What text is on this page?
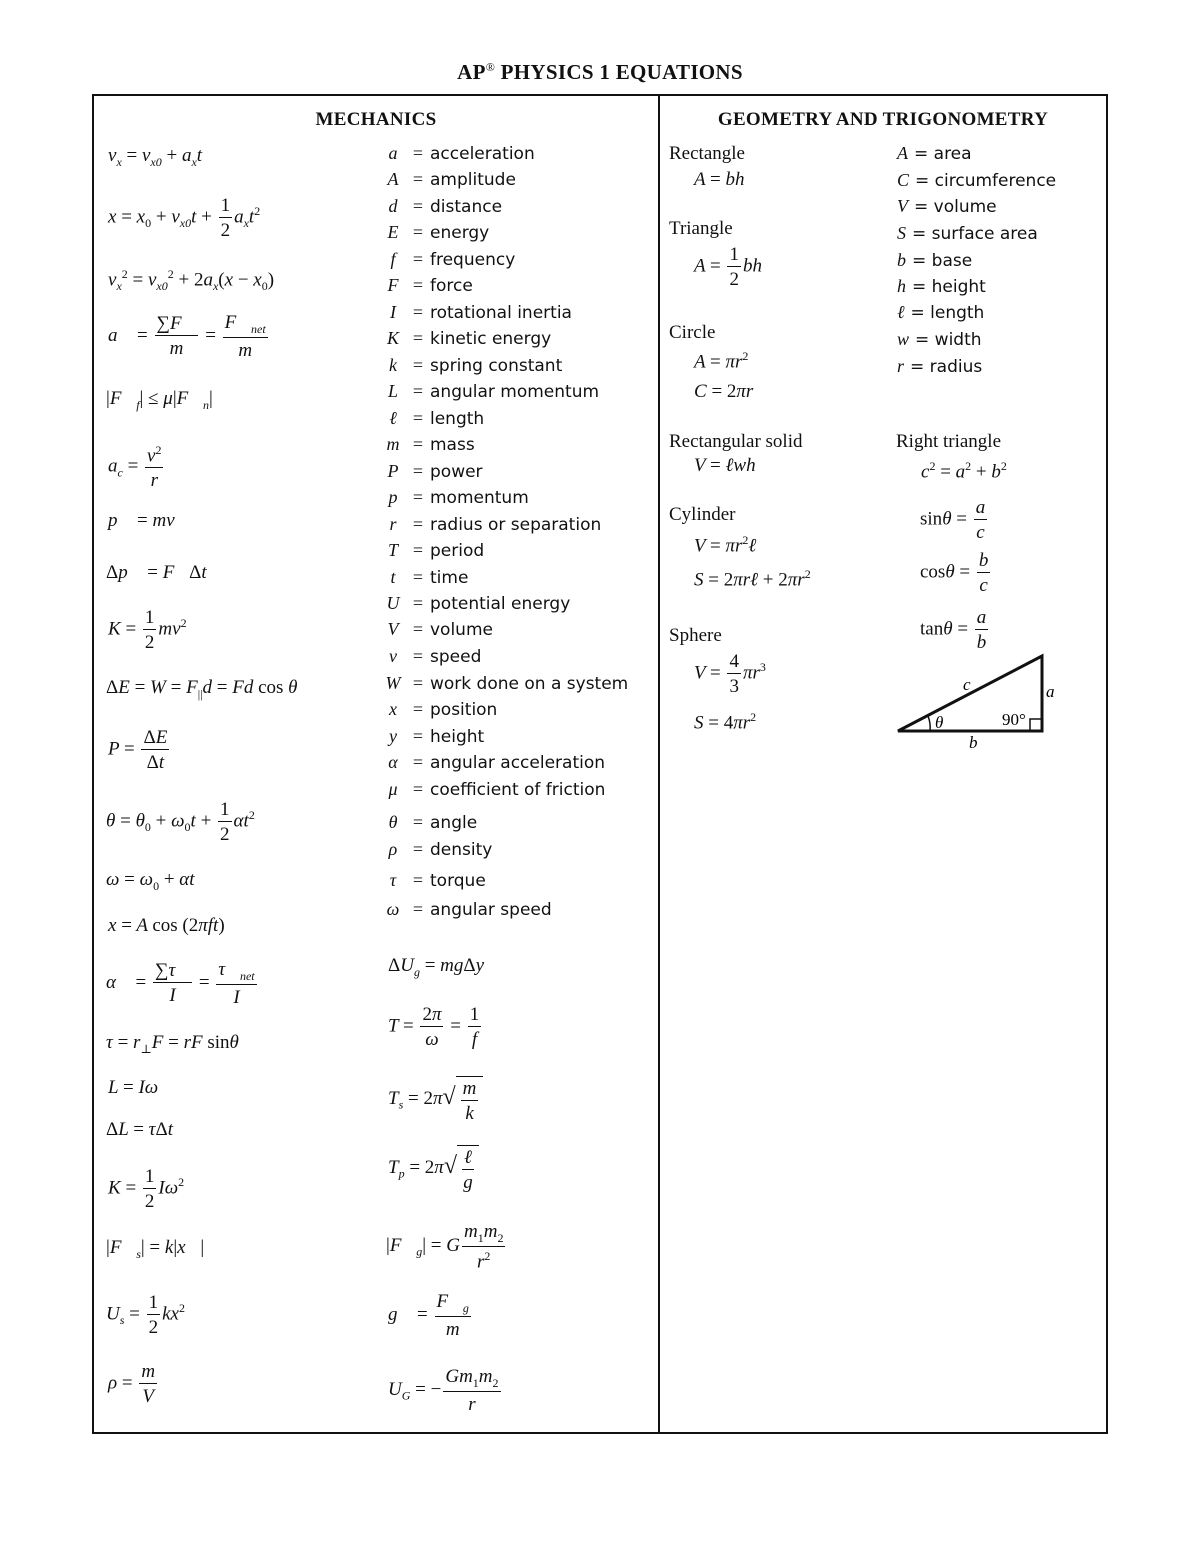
AP® PHYSICS 1 EQUATIONS
MECHANICS
$v_x = v_{x0} + a_xt$
$x = x_0 + v_{x0}t + \frac{1}{2} a_xt^2$
$v_x^2 = v_{x0}^2 + 2a_x(x - x_0)$
a⃗ = $\frac{\sum F⃗}{m} = \frac{F⃗_{net}}{m}$
$|F⃗_f|$ ≤ $\mu|F⃗_n|$
$a_c = \frac{v^2}{r}$
p⃗ = mv⃗
Δp⃗ = F⃗Δt
$K = \frac{1}{2} mv^2$
$\Delta E = W = F_{||}d = Fd$ cos θ
$P = \frac{\Delta E}{\Delta t}$
$\theta = \theta_0 + \omega_0t + \frac{1}{2} \alpha t^2$
$\omega = \omega_0 + \alpha t$
x = A cos (2πft)
α⃗ = $\frac{\sum\tau⃗}{I} = \frac{\tau⃗_{net}}{I}$
$\tau = r_\perp F$ = rF sinθ
L = Iω
ΔL = τΔt
$K = \frac{1}{2} I\omega^2$
$|F⃗_s|$ = k|x⃗|
$U_s = \frac{1}{2} kx^2$
$\rho = \frac{m}{V}$
a = acceleration
A = amplitude
d = distance
E = energy
f = frequency
F = force
I = rotational inertia
K = kinetic energy
k = spring constant
L = angular momentum
ℓ = length
m = mass
P = power
p = momentum
r = radius or separation
T = period
t = time
U = potential energy
V = volume
v = speed
W = work done on a system
x = position
y = height
α = angular acceleration
μ = coefficient of friction
θ = angle
ρ = density
τ = torque
ω = angular speed
$\Delta U_g = mg\Delta y$
$T = \frac{2\pi}{\omega} = \frac{1}{f}$
$T_s = 2\pi√ \frac{m}{k}$
$T_p = 2\pi√ \frac{\text{ℓ}}{g}$
$|F⃗_g| = G \frac{m_1m_2}{r^2}$
g⃗ = $\frac{F⃗_g}{m}$
$U_G$ = − $\frac{Gm_1m_2}{r}$
GEOMETRY AND TRIGONOMETRY
Rectangle
A = bh
Triangle
$A = \frac{1}{2}$ bh
Circle
$A = \pi r^2$
C = 2πr
Rectangular solid
V = ℓwh
Cylinder
$V = \pi r^2\ell$
S = 2πrℓ + $2\pi r^2$
Sphere
$V = \frac{4}{3} \pi r^3$
$S = 4\pi r^2$
A = area
C = circumference
V = volume
S = surface area
b = base
h = height
ℓ = length
w = width
r = radius
Right triangle
$c^2 = a^2 + b^2$
$\sin\theta = \frac{a}{c}$
$\cos\theta = \frac{b}{c}$
$\tan\theta = \frac{a}{b}$
c	a
b
θ	90°
